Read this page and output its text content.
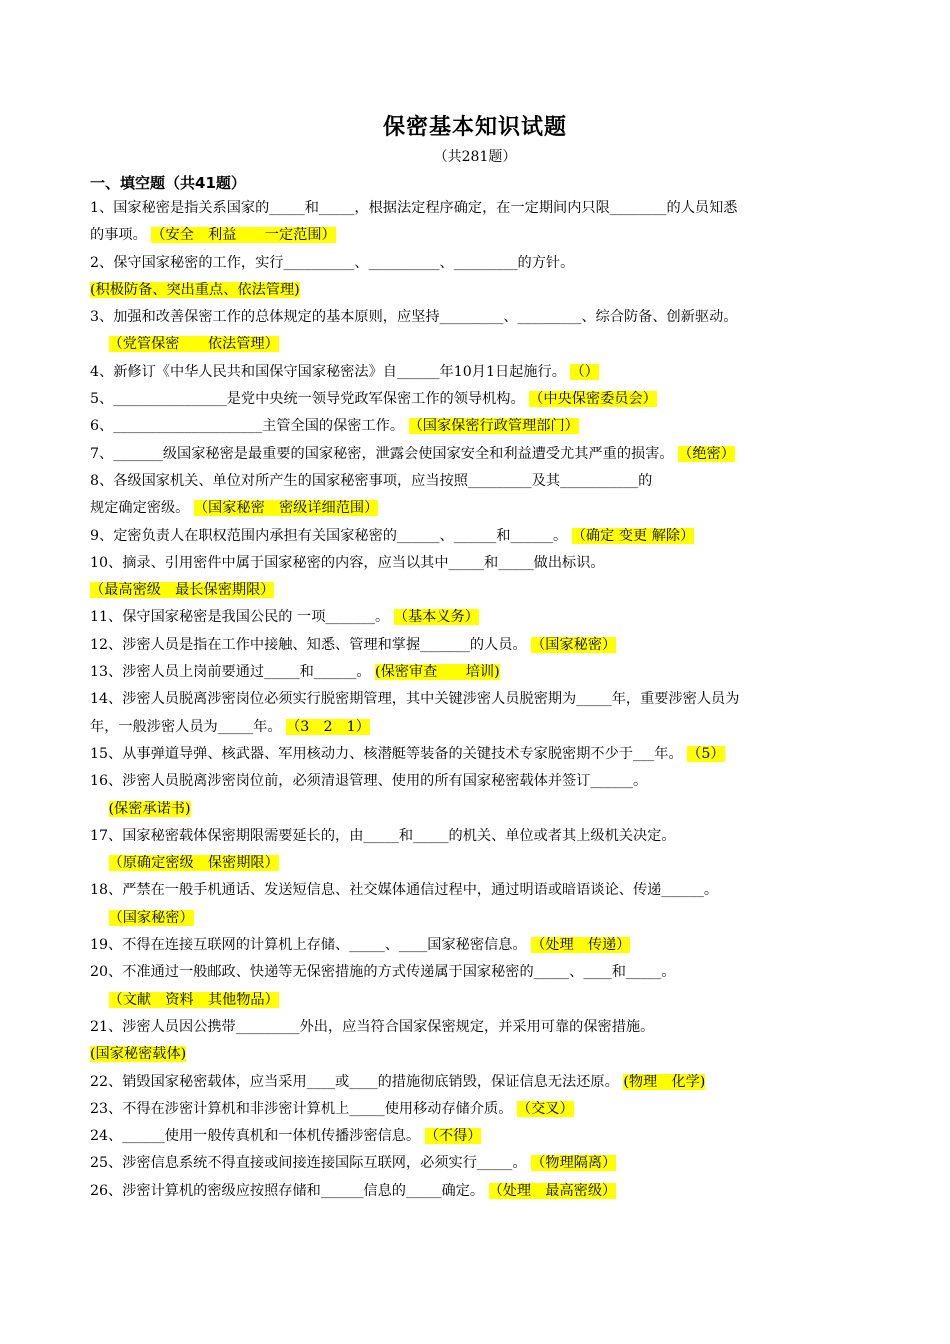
保密基本知识试题
（共281题）
一、填空题（共41题）
1、国家秘密是指关系国家的_____和_____，根据法定程序确定，在一定期间内只限________的人员知悉
的事项。 （安全　利益　　一定范围）
2、保守国家秘密的工作，实行__________、__________、_________的方针。
(积极防备、突出重点、依法管理)
3、加强和改善保密工作的总体规定的基本原则，应坚持_________、_________、综合防备、创新驱动。
（党管保密　　依法管理）
4、新修订《中华人民共和国保守国家秘密法》自______年10月1日起施行。 （）
5、________________是党中央统一领导党政军保密工作的领导机构。 （中央保密委员会）
6、_____________________主管全国的保密工作。 （国家保密行政管理部门）
7、_______级国家秘密是最重要的国家秘密，泄露会使国家安全和利益遭受尤其严重的损害。 （绝密）
8、各级国家机关、单位对所产生的国家秘密事项，应当按照_________及其___________的
规定确定密级。 （国家秘密　密级详细范围）
9、定密负责人在职权范围内承担有关国家秘密的______、______和______。 （确定 变更 解除）
10、摘录、引用密件中属于国家秘密的内容，应当以其中_____和_____做出标识。
（最高密级　最长保密期限）
11、保守国家秘密是我国公民的 一项_______。 （基本义务）
12、涉密人员是指在工作中接触、知悉、管理和掌握_______的人员。 （国家秘密）
13、涉密人员上岗前要通过_____和______。 (保密审查　　培训)
14、涉密人员脱离涉密岗位必须实行脱密期管理，其中关键涉密人员脱密期为_____年，重要涉密人员为
年，一般涉密人员为_____年。 （3　2　1）
15、从事弹道导弹、核武器、军用核动力、核潜艇等装备的关键技术专家脱密期不少于___年。 （5）
16、涉密人员脱离涉密岗位前，必须清退管理、使用的所有国家秘密载体并签订______。
(保密承诺书)
17、国家秘密载体保密期限需要延长的，由_____和_____的机关、单位或者其上级机关决定。
（原确定密级　保密期限）
18、严禁在一般手机通话、发送短信息、社交媒体通信过程中，通过明语或暗语谈论、传递______。
（国家秘密）
19、不得在连接互联网的计算机上存储、_____、____国家秘密信息。 （处理　传递）
20、不准通过一般邮政、快递等无保密措施的方式传递属于国家秘密的_____、____和_____。
（文献　资料　其他物品）
21、涉密人员因公携带_________外出，应当符合国家保密规定，并采用可靠的保密措施。
(国家秘密载体)
22、销毁国家秘密载体，应当采用____或____的措施彻底销毁，保证信息无法还原。 (物理　化学)
23、不得在涉密计算机和非涉密计算机上_____使用移动存储介质。 （交叉）
24、______使用一般传真机和一体机传播涉密信息。 （不得）
25、涉密信息系统不得直接或间接连接国际互联网，必须实行_____。 （物理隔离）
26、涉密计算机的密级应按照存储和______信息的_____确定。 （处理　最高密级）
